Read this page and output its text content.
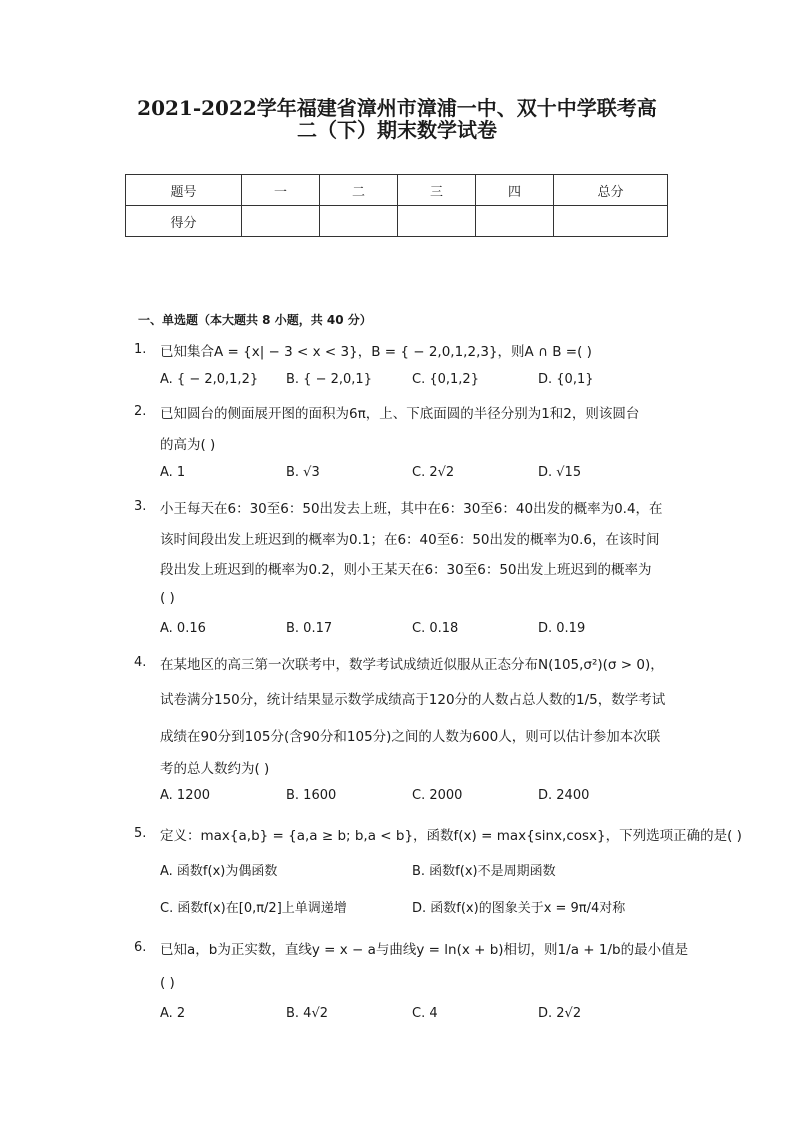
2021-2022学年福建省漳州市漳浦一中、双十中学联考高
二（下）期末数学试卷
题号	一	二	三	四	总分
得分					
一、单选题（本大题共 8 小题，共 40 分）
1. 已知集合A = {x| − 3 < x < 3}，B = { − 2,0,1,2,3}，则A ∩ B =( )
A. { − 2,0,1,2} B. { − 2,0,1}	C. {0,1,2}	D. {0,1}
2. 已知圆台的侧面展开图的面积为6π，上、下底面圆的半径分别为1和2，则该圆台
的高为( )
A. 1	B. √3	C. 2√2	D. √15
3. 小王每天在6：30至6：50出发去上班，其中在6：30至6：40出发的概率为0.4，在
该时间段出发上班迟到的概率为0.1；在6：40至6：50出发的概率为0.6，在该时间
段出发上班迟到的概率为0.2，则小王某天在6：30至6：50出发上班迟到的概率为
( )
A. 0.16	B. 0.17	C. 0.18	D. 0.19
4. 在某地区的高三第一次联考中，数学考试成绩近似服从正态分布N(105,σ²)(σ > 0)，
试卷满分150分，统计结果显示数学成绩高于120分的人数占总人数的1/5，数学考试
成绩在90分到105分(含90分和105分)之间的人数为600人，则可以估计参加本次联
考的总人数约为( )
A. 1200	B. 1600	C. 2000	D. 2400
5. 定义：max{a,b} = {a,a ≥ b; b,a < b}，函数f(x) = max{sinx,cosx}，下列选项正确的是( )
A. 函数f(x)为偶函数	B. 函数f(x)不是周期函数
C. 函数f(x)在[0,π/2]上单调递增	D. 函数f(x)的图象关于x = 9π/4对称
6. 已知a，b为正实数，直线y = x − a与曲线y = ln(x + b)相切，则1/a + 1/b的最小值是
( )
A. 2	B. 4√2	C. 4	D. 2√2
